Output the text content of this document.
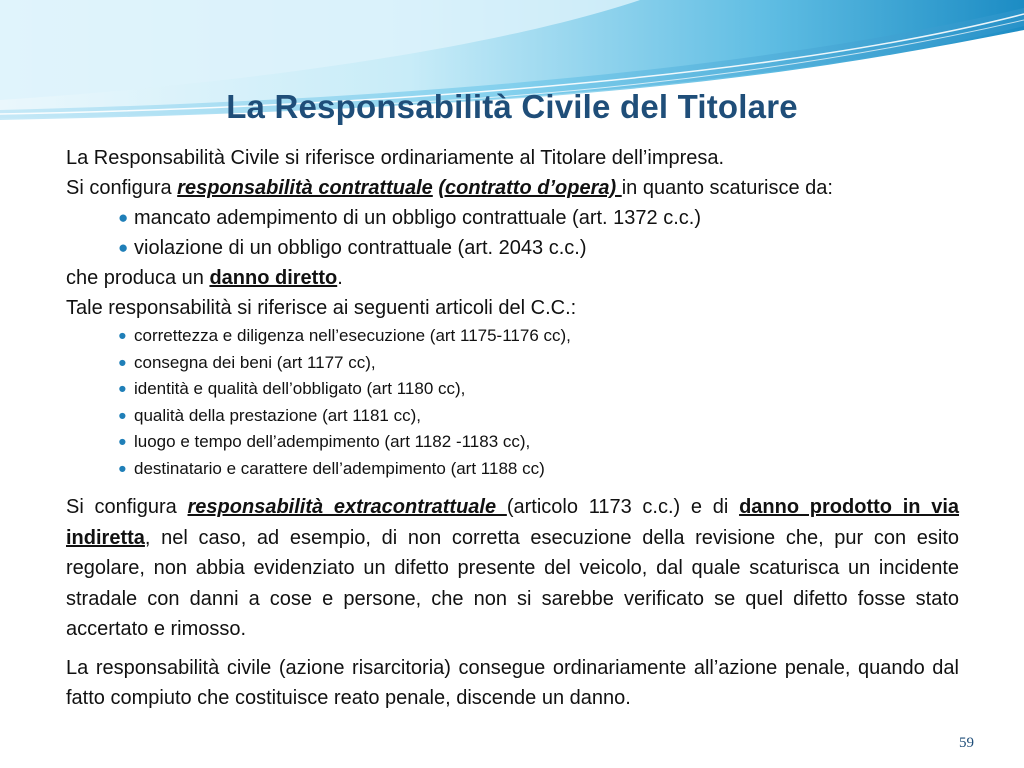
La Responsabilità Civile del Titolare
La Responsabilità Civile si riferisce ordinariamente al Titolare dell’impresa.
Si configura responsabilità contrattuale (contratto d’opera) in quanto scaturisce da:
● mancato adempimento di un obbligo contrattuale (art. 1372 c.c.)
● violazione di un obbligo contrattuale (art. 2043 c.c.)
che produca un danno diretto.
Tale responsabilità si riferisce ai seguenti articoli del C.C.:
● correttezza e diligenza nell’esecuzione (art 1175-1176 cc),
● consegna dei beni (art 1177 cc),
● identità e qualità dell’obbligato (art 1180 cc),
● qualità della prestazione (art 1181 cc),
● luogo e tempo dell’adempimento (art 1182 -1183 cc),
● destinatario e carattere dell’adempimento (art 1188 cc)
Si configura responsabilità extracontrattuale (articolo 1173 c.c.) e di danno prodotto in via indiretta, nel caso, ad esempio, di non corretta esecuzione della revisione che, pur con esito regolare, non abbia evidenziato un difetto presente del veicolo, dal quale scaturisca un incidente stradale con danni a cose e persone, che non si sarebbe verificato se quel difetto fosse stato accertato e rimosso.
La responsabilità civile (azione risarcitoria) consegue ordinariamente all’azione penale, quando dal fatto compiuto che costituisce reato penale, discende un danno.
59
